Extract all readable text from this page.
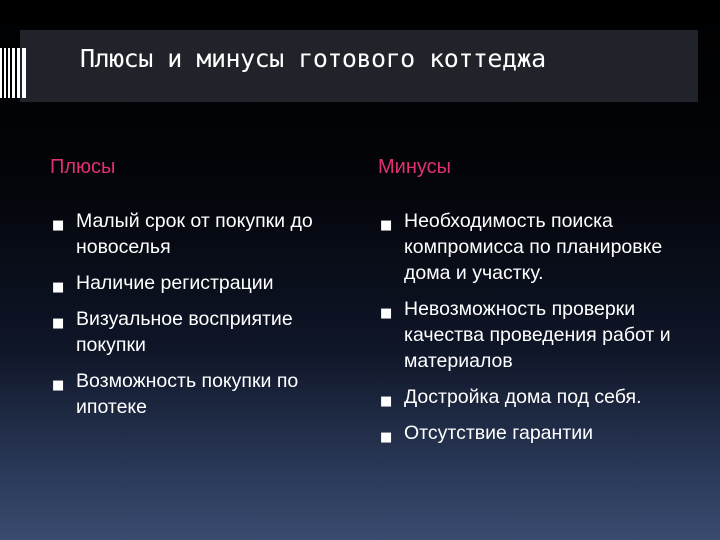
Плюсы и минусы готового коттеджа
Плюсы
■ Малый срок от покупки до новоселья
■ Наличие регистрации
■ Визуальное восприятие покупки
■ Возможность покупки по ипотеке
Минусы
■ Необходимость поиска компромисса по планировке дома и участку.
■ Невозможность проверки качества проведения работ и материалов
■ Достройка дома под себя.
■ Отсутствие гарантии
